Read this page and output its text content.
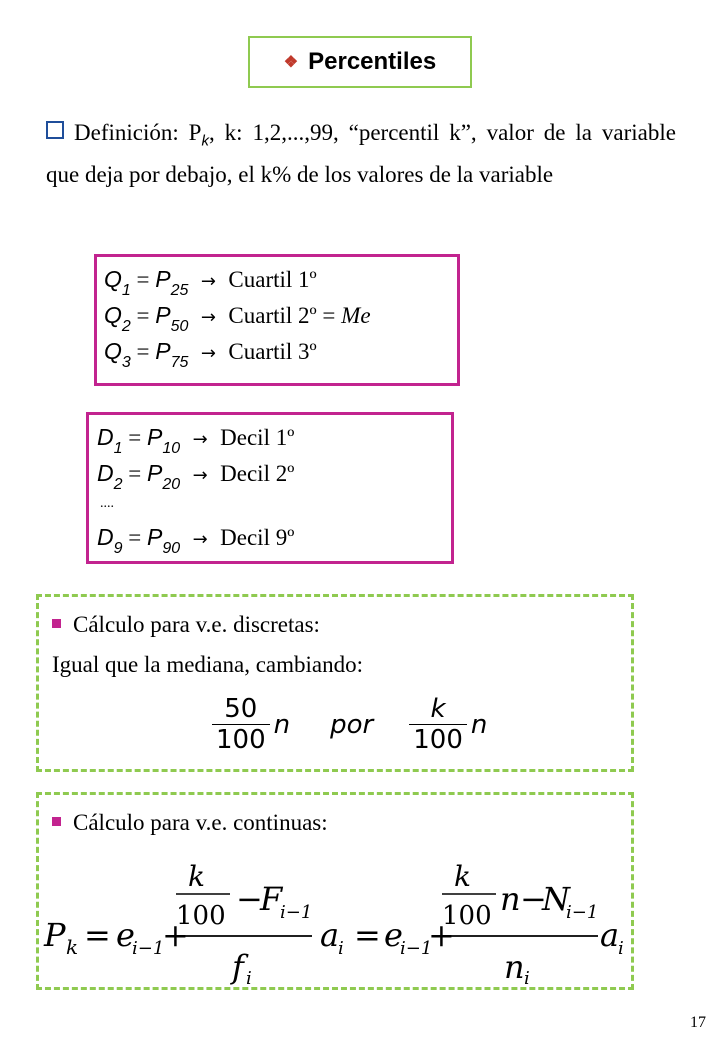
❖ Percentiles
Definición: $P_k$, k: 1,2,...,99, “percentil k”, valor de la variable que deja por debajo, el k% de los valores de la variable
$Q_1 = P_{25}$ → Cuartil 1º
$Q_2 = P_{50}$ → Cuartil 2º = Me
$Q_3 = P_{75}$ → Cuartil 3º
$D_1 = P_{10}$ → Decil 1º
$D_2 = P_{20}$ → Decil 2º
....
$D_9 = P_{90}$ → Decil 9º
Cálculo para v.e. discretas:
Igual que la mediana, cambiando:
$\frac{50}{100}$ n por $\frac{k}{100}$ n
Cálculo para v.e. continuas:
P k = e
i−1
+
k
100 −
F
i−1
f i
a
i = e
i−1
+
k
100 n −
N
i−1
n i
a
i
17
